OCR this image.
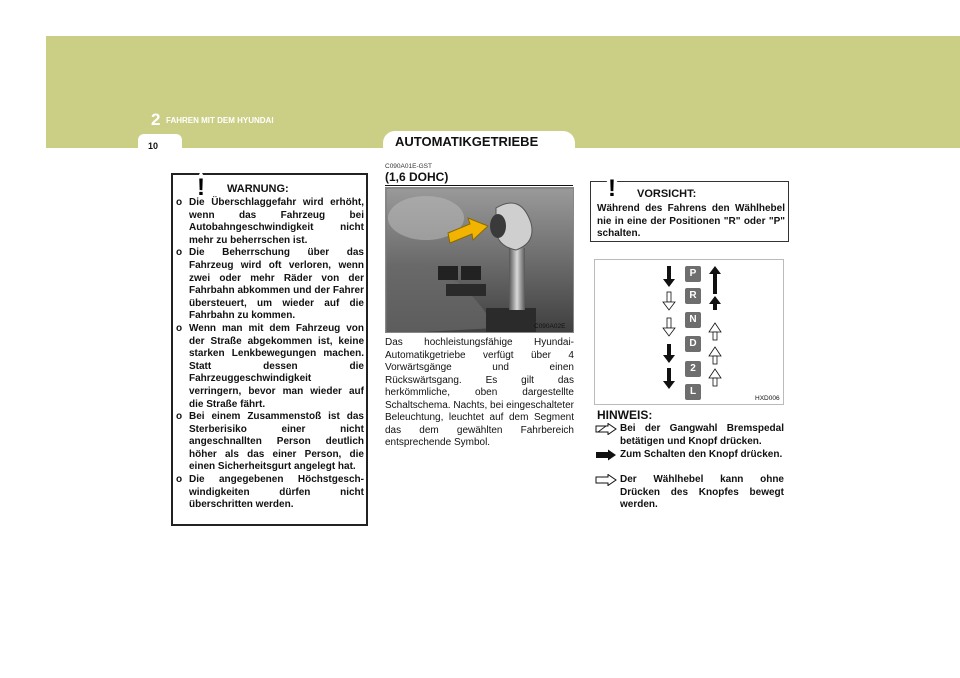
2 FAHREN MIT DEM HYUNDAI
10	AUTOMATIKGETRIEBE
! WARNUNG:
o Die Überschlaggefahr wird erhöht, wenn das Fahrzeug bei Autobahngeschwindigkeit nicht mehr zu beherrschen ist.
o Die Beherrschung über das Fahrzeug wird oft verloren, wenn zwei oder mehr Räder von der Fahrbahn abkommen und der Fahrer übersteuert, um wieder auf die Fahrbahn zu kommen.
o Wenn man mit dem Fahrzeug von der Straße abgekommen ist, keine starken Lenkbewegungen machen. Statt dessen die Fahrzeuggeschwindigkeit verringern, bevor man wieder auf die Straße fährt.
o Bei einem Zusammenstoß ist das Sterberisiko einer nicht angeschnallten Person deutlich höher als das einer Person, die einen Sicherheitsgurt angelegt hat.
o Die angegebenen Höchstgesch-windigkeiten dürfen nicht überschritten werden.
C090A01E-GST
(1,6 DOHC)
C090A02E

Das hochleistungsfähige Hyundai-Automatikgetriebe verfügt über 4 Vorwärtsgänge und einen Rückswärtsgang. Es gilt das herkömmliche, oben dargestellte Schaltschema. Nachts, bei eingeschalteter Beleuchtung, leuchtet auf dem Segment das dem gewählten Fahrbereich entsprechende Symbol.

! VORSICHT:

Während des Fahrens den Wählhebel nie in eine der Positionen "R" oder "P" schalten.

P
R
N
D
2
L
HXD006
HINWEIS:

Bei der Gangwahl Bremspedal betätigen und Knopf drücken.

Zum Schalten den Knopf drücken.

Der Wählhebel kann ohne Drücken des Knopfes bewegt werden.
